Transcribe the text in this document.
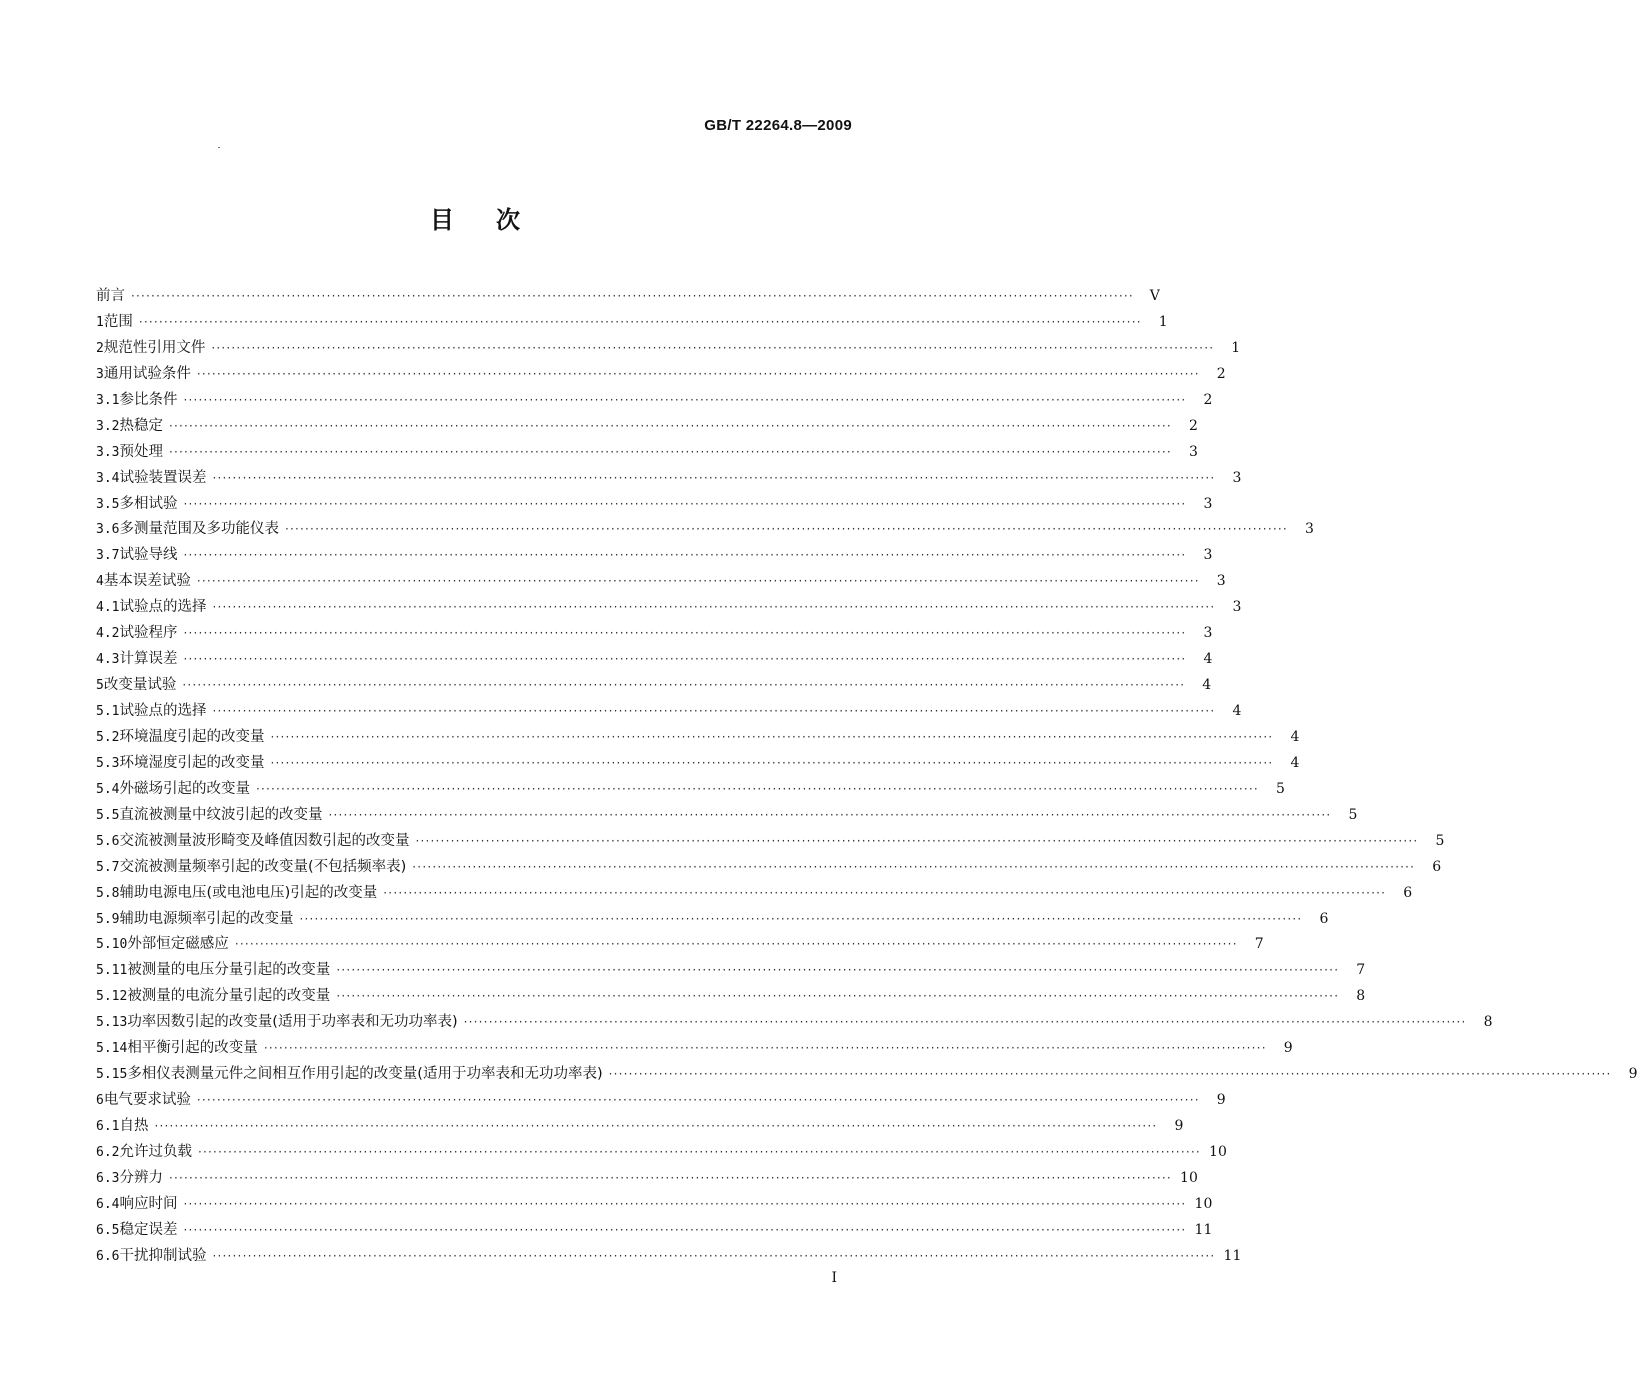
GB/T 22264.8—2009
目 次
前言 ········································································································································································································	V
1 范围 ········································································································································································································	1
2 规范性引用文件 ········································································································································································································	1
3 通用试验条件 ········································································································································································································	2
3.1 参比条件 ········································································································································································································	2
3.2 热稳定 ········································································································································································································	2
3.3 预处理 ········································································································································································································	3
3.4 试验装置误差 ········································································································································································································	3
3.5 多相试验 ········································································································································································································	3
3.6 多测量范围及多功能仪表 ········································································································································································································	3
3.7 试验导线 ········································································································································································································	3
4 基本误差试验 ········································································································································································································	3
4.1 试验点的选择 ········································································································································································································	3
4.2 试验程序 ········································································································································································································	3
4.3 计算误差 ········································································································································································································	4
5 改变量试验 ········································································································································································································	4
5.1 试验点的选择 ········································································································································································································	4
5.2 环境温度引起的改变量 ········································································································································································································	4
5.3 环境湿度引起的改变量 ········································································································································································································	4
5.4 外磁场引起的改变量 ········································································································································································································	5
5.5 直流被测量中纹波引起的改变量 ········································································································································································································	5
5.6 交流被测量波形畸变及峰值因数引起的改变量 ········································································································································································································	5
5.7 交流被测量频率引起的改变量(不包括频率表) ········································································································································································································	6
5.8 辅助电源电压(或电池电压)引起的改变量 ········································································································································································································	6
5.9 辅助电源频率引起的改变量 ········································································································································································································	6
5.10 外部恒定磁感应 ········································································································································································································	7
5.11 被测量的电压分量引起的改变量 ········································································································································································································	7
5.12 被测量的电流分量引起的改变量 ········································································································································································································	8
5.13 功率因数引起的改变量(适用于功率表和无功功率表) ········································································································································································································	8
5.14 相平衡引起的改变量 ········································································································································································································	9
5.15 多相仪表测量元件之间相互作用引起的改变量(适用于功率表和无功功率表) ········································································································································································································	9
6 电气要求试验 ········································································································································································································	9
6.1 自热 ········································································································································································································	9
6.2 允许过负载 ········································································································································································································ 10
6.3 分辨力 ········································································································································································································ 10
6.4 响应时间 ········································································································································································································ 10
6.5 稳定误差 ········································································································································································································ 11
6.6 干扰抑制试验 ········································································································································································································ 11
I
